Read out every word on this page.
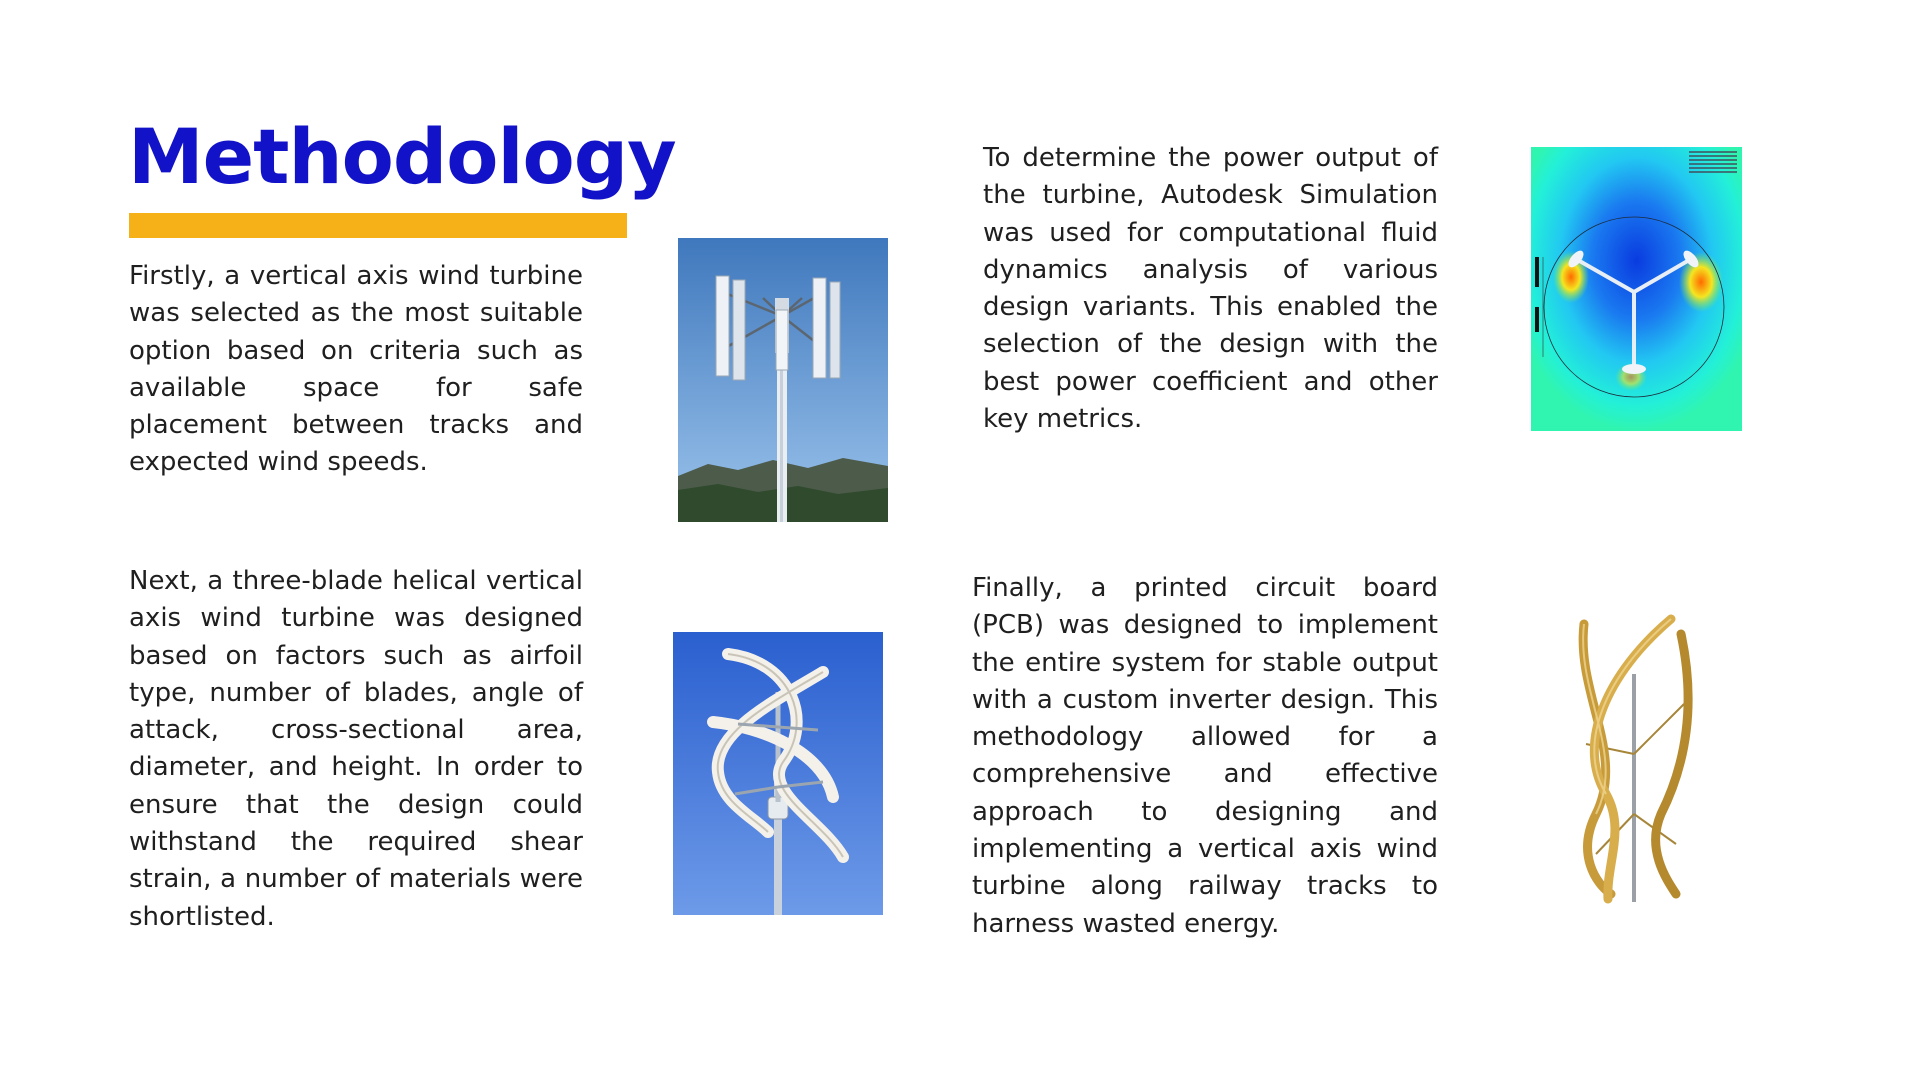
Methodology

Firstly, a vertical axis wind turbine was selected as the most suitable option based on criteria such as available space for safe placement between tracks and expected wind speeds.

Next, a three-blade helical vertical axis wind turbine was designed based on factors such as airfoil type, number of blades, angle of attack, cross-sectional area, diameter, and height. In order to ensure that the design could withstand the required shear strain, a number of materials were shortlisted.

To determine the power output of the turbine, Autodesk Simulation was used for computational fluid dynamics analysis of various design variants. This enabled the selection of the design with the best power coefficient and other key metrics.

Finally, a printed circuit board (PCB) was designed to implement the entire system for stable output with a custom inverter design. This methodology allowed for a comprehensive and effective approach to designing and implementing a vertical axis wind turbine along railway tracks to harness wasted energy.
